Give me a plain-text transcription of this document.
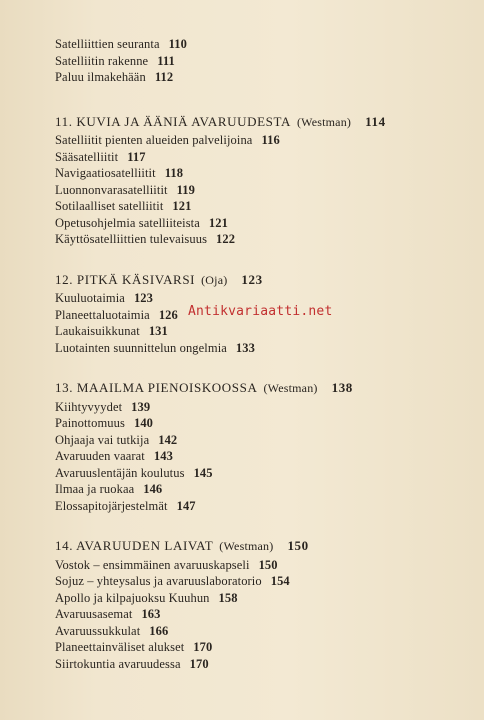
Satelliittien seuranta 110
Satelliitin rakenne 111
Paluu ilmakehään 112
11. KUVIA JA ÄÄNIÄ AVARUUDESTA (Westman) 114
Satelliitit pienten alueiden palvelijoina 116
Sääsatelliitit 117
Navigaatiosatelliitit 118
Luonnonvarasatelliitit 119
Sotilaalliset satelliitit 121
Opetusohjelmia satelliiteista 121
Käyttösatelliittien tulevaisuus 122
12. PITKÄ KÄSIVARSI (Oja) 123
Kuuluotaimia 123
Planeettaluotaimia 126
Laukaisuikkunat 131
Luotainten suunnittelun ongelmia 133
13. MAAILMA PIENOISKOOSSA (Westman) 138
Kiihtyvyydet 139
Painottomuus 140
Ohjaaja vai tutkija 142
Avaruuden vaarat 143
Avaruuslentäjän koulutus 145
Ilmaa ja ruokaa 146
Elossapitojärjestelmät 147
14. AVARUUDEN LAIVAT (Westman) 150
Vostok – ensimmäinen avaruuskapseli 150
Sojuz – yhteysalus ja avaruuslaboratorio 154
Apollo ja kilpajuoksu Kuuhun 158
Avaruusasemat 163
Avaruussukkulat 166
Planeettainväliset alukset 170
Siirtokuntia avaruudessa 170
Antikvariaatti.net
